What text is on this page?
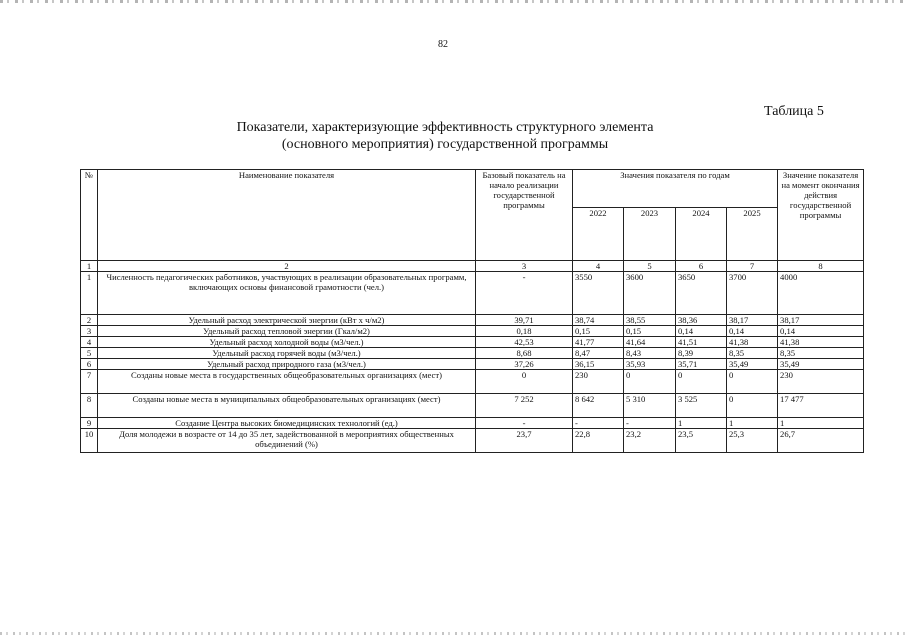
82
Таблица 5
Показатели, характеризующие эффективность структурного элемента
(основного мероприятия) государственной программы
№	Наименование показателя	Базовый показатель на начало реализации государственной программы	Значения показателя по годам				Значение показателя на момент окончания действия государственной программы
			2022	2023	2024	2025	
1	2	3	4	5	6	7	8
1	Численность педагогических работников, участвующих в реализации образовательных программ, включающих основы финансовой грамотности (чел.)	-	3550	3600	3650	3700	4000
2	Удельный расход электрической энергии (кВт х ч/м2)	39,71	38,74	38,55	38,36	38,17	38,17
3	Удельный расход тепловой энергии (Гкал/м2)	0,18	0,15	0,15	0,14	0,14	0,14
4	Удельный расход холодной воды (м3/чел.)	42,53	41,77	41,64	41,51	41,38	41,38
5	Удельный расход горячей воды (м3/чел.)	8,68	8,47	8,43	8,39	8,35	8,35
6	Удельный расход природного газа (м3/чел.)	37,26	36,15	35,93	35,71	35,49	35,49
7	Созданы новые места в государственных общеобразовательных организациях (мест)	0	230	0	0	0	230
8	Созданы новые места в муниципальных общеобразовательных организациях (мест)	7 252	8 642	5 310	3 525	0	17 477
9	Создание Центра высоких биомедицинских технологий (ед.)	-	-	-	1	1	1
10	Доля молодежи в возрасте от 14 до 35 лет, задействованной в мероприятиях общественных объединений (%)	23,7	22,8	23,2	23,5	25,3	26,7
